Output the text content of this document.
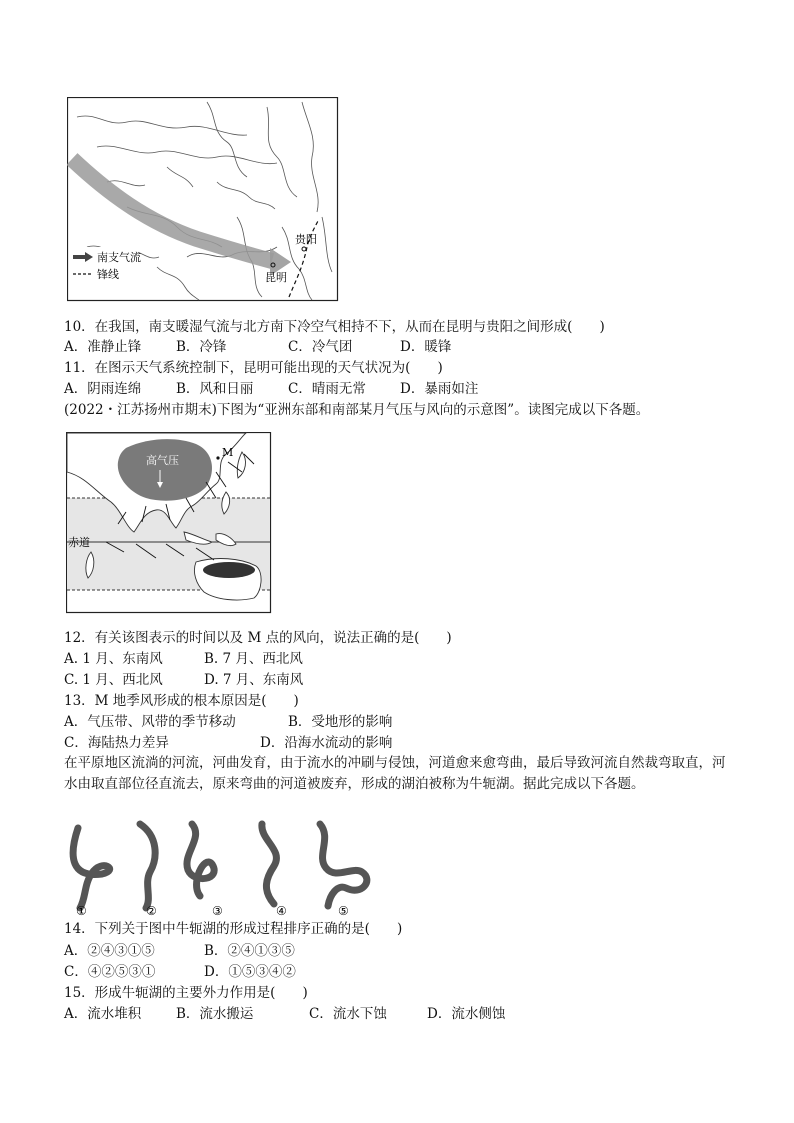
贵阳
昆明
南支气流
锋线
10．在我国，南支暖湿气流与北方南下冷空气相持不下，从而在昆明与贵阳之间形成(　　)
A．准静止锋	B．冷锋	C．冷气团	D．暖锋
11．在图示天气系统控制下，昆明可能出现的天气状况为(　　)
A．阴雨连绵	B．风和日丽	C．晴雨无常	D．暴雨如注
(2022・江苏扬州市期末)下图为“亚洲东部和南部某月气压与风向的示意图”。读图完成以下各题。
高气压
M
赤道
12．有关该图表示的时间以及 M 点的风向，说法正确的是(　　)
A. 1 月、东南风	B. 7 月、西北风
C. 1 月、西北风	D. 7 月、东南风
13．M 地季风形成的根本原因是(　　)
A．气压带、风带的季节移动	B．受地形的影响
C．海陆热力差异	D．沿海水流动的影响
在平原地区流淌的河流，河曲发育，由于流水的冲刷与侵蚀，河道愈来愈弯曲，最后导致河流自然裁弯取直，河水由取直部位径直流去，原来弯曲的河道被废弃，形成的湖泊被称为牛轭湖。据此完成以下各题。
①	②	③	④	⑤
14．下列关于图中牛轭湖的形成过程排序正确的是(　　)
A．②④③①⑤	B．②④①③⑤
C．④②⑤③①	D．①⑤③④②
15．形成牛轭湖的主要外力作用是(　　)
A．流水堆积	B．流水搬运	C．流水下蚀	D．流水侧蚀
